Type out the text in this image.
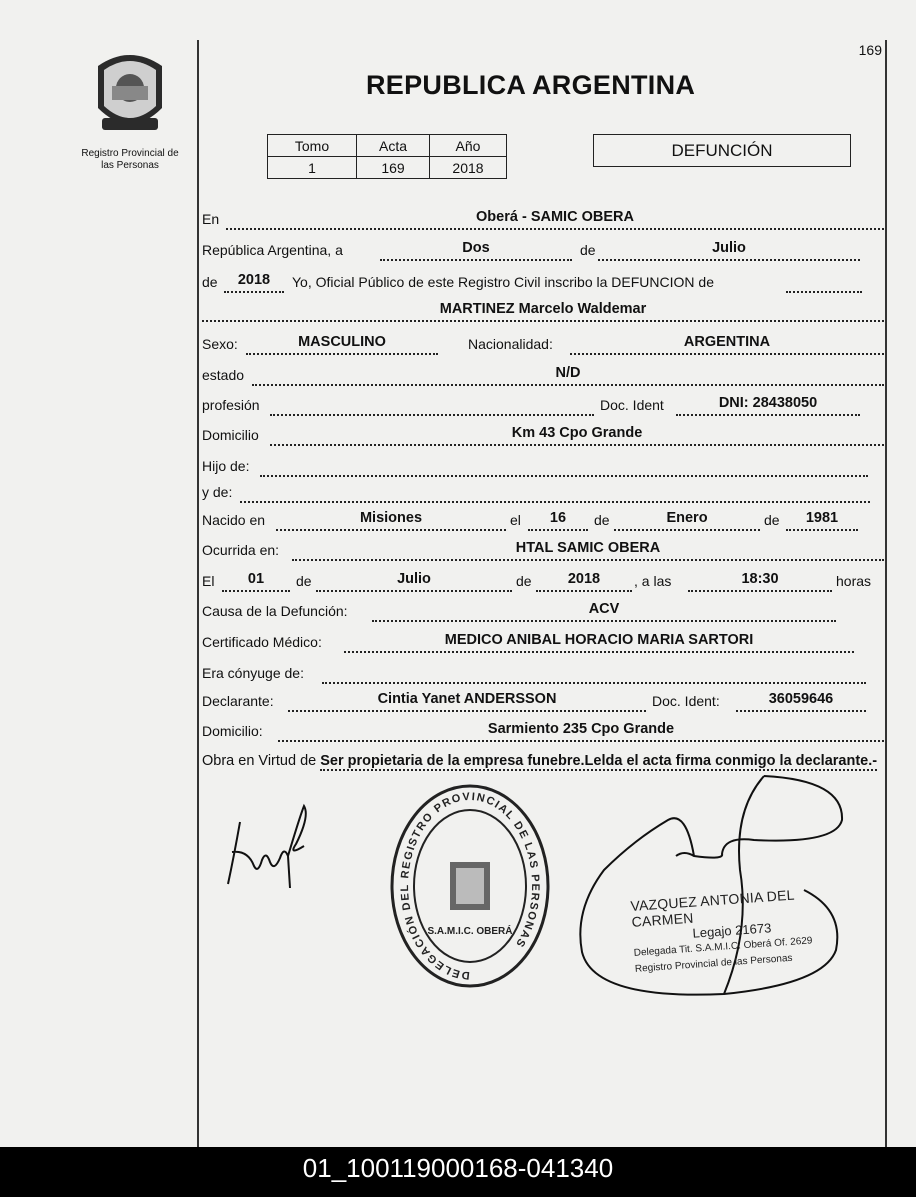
169
Registro Provincial de
las Personas
REPUBLICA ARGENTINA
Tomo	Acta	Año
1	169	2018
DEFUNCIÓN
En	Oberá - SAMIC OBERA
República Argentina, a	Dos	de	Julio
de	2018	Yo, Oficial Público de este Registro Civil inscribo la DEFUNCION de
MARTINEZ Marcelo Waldemar
Sexo:	MASCULINO	Nacionalidad:	ARGENTINA
estado	N/D
profesión	Doc. Ident	DNI: 28438050
Domicilio	Km 43 Cpo Grande
Hijo de:
y de:
Nacido en	Misiones	el	16	de	Enero	de	1981
Ocurrida en:	HTAL SAMIC OBERA
El	01	de	Julio	de	2018	, a las	18:30	horas
Causa de la Defunción:	ACV
Certificado Médico:	MEDICO ANIBAL HORACIO MARIA SARTORI
Era cónyuge de:
Declarante:	Cintia Yanet ANDERSSON	Doc. Ident:	36059646
Domicilio:	Sarmiento 235 Cpo Grande
Obra en Virtud de Ser propietaria de la empresa funebre.Lelda el acta firma conmigo la declarante.-
DELEGACIÓN DEL REGISTRO PROVINCIAL DE LAS PERSONAS
S.A.M.I.C. OBERÁ
VAZQUEZ ANTONIA DEL CARMEN
Legajo 21673
Delegada Tit. S.A.M.I.C. Oberá Of. 2629
Registro Provincial de las Personas
01_100119000168-041340
